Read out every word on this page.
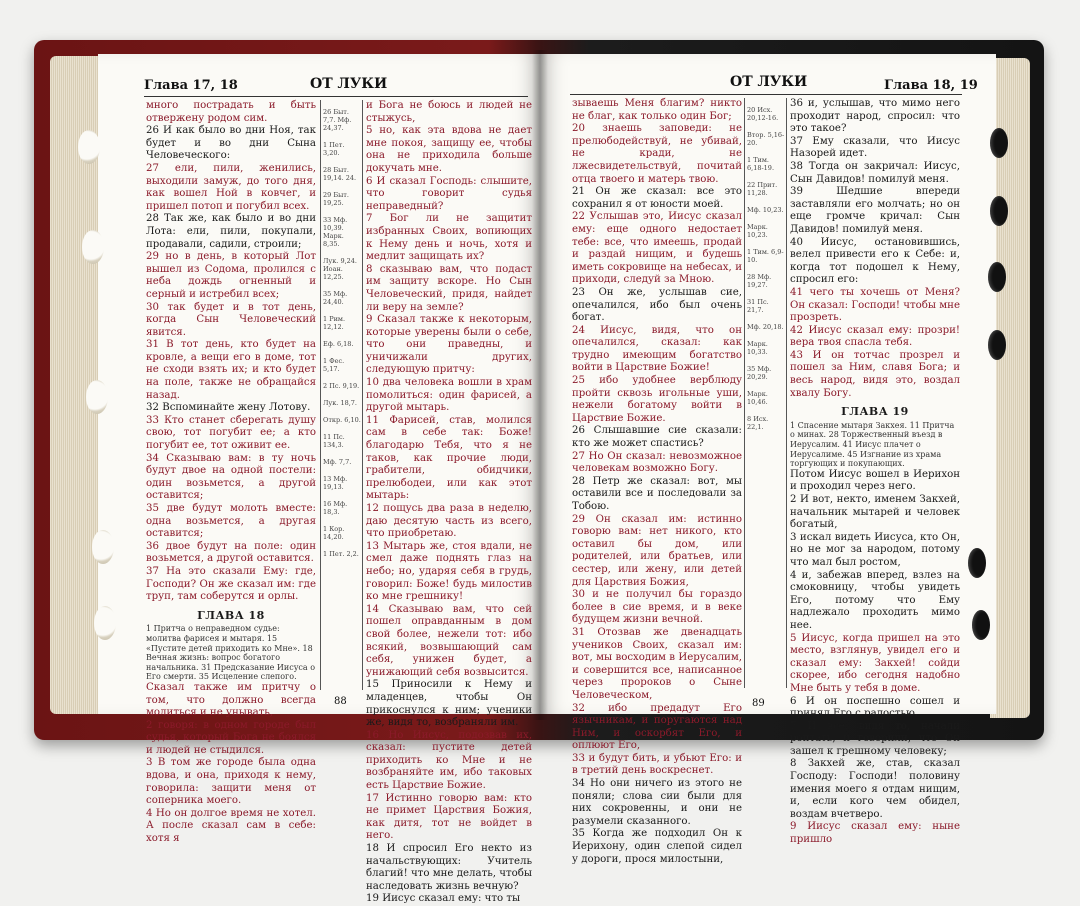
Глава 17, 18	ОТ ЛУКИ

много пострадать и быть отвержену родом сим.

26 И как было во дни Ноя, так будет и во дни Сына Человеческого:

27 ели, пили, женились, выходили замуж, до того дня, как вошел Ной в ковчег, и пришел потоп и погубил всех.

28 Так же, как было и во дни Лота: ели, пили, покупали, продавали, садили, строили;

29 но в день, в который Лот вышел из Содома, пролился с неба дождь огненный и серный и истребил всех;

30 так будет и в тот день, когда Сын Человеческий явится.

31 В тот день, кто будет на кровле, а вещи его в доме, тот не сходи взять их; и кто будет на поле, также не обращайся назад.

32 Вспоминайте жену Лотову.

33 Кто станет сберегать душу свою, тот погубит ее; а кто погубит ее, тот оживит ее.

34 Сказываю вам: в ту ночь будут двое на одной постели: один возьмется, а другой оставится;

35 две будут молоть вместе: одна возьмется, а другая оставится;

36 двое будут на поле: один возьмется, а другой оставится.

37 На это сказали Ему: где, Господи? Он же сказал им: где труп, там соберутся и орлы.

ГЛАВА 18
1 Притча о неправедном судье: молитва фарисея и мытаря. 15 «Пустите детей приходить ко Мне». 18 Вечная жизнь: вопрос богатого начальника. 31 Предсказание Иисуса о Его смерти. 35 Исцеление слепого.

Сказал также им притчу о том, что должно всегда молиться и не унывать,

2 говоря: в одном городе был судья, который Бога не боялся и людей не стыдился.

3 В том же городе была одна вдова, и она, приходя к нему, говорила: защити меня от соперника моего.

4 Но он долгое время не хотел. А после сказал сам в себе: хотя я

26 Быт. 7,7. Мф. 24,37.
1 Пет. 3,20.
28 Быт. 19,14. 24.
29 Быт. 19,25.
33 Мф. 10,39. Марк. 8,35.
Лук. 9,24. Иоан. 12,25.
35 Мф. 24,40.
1 Рим. 12,12.
Еф. 6,18.
1 Фес. 5,17.
2 Пс. 9,19.
Лук. 18,7.
Откр. 6,10.
11 Пс. 134,3.
Мф. 7,7.
13 Мф. 19,13.
16 Мф. 18,3.
1 Кор. 14,20.
1 Пет. 2,2.

и Бога не боюсь и людей не стыжусь,

5 но, как эта вдова не дает мне покоя, защищу ее, чтобы она не приходила больше докучать мне.

6 И сказал Господь: слышите, что говорит судья неправедный?

7 Бог ли не защитит избранных Своих, вопиющих к Нему день и ночь, хотя и медлит защищать их?

8 сказываю вам, что подаст им защиту вскоре. Но Сын Человеческий, придя, найдет ли веру на земле?

9 Сказал также к некоторым, которые уверены были о себе, что они праведны, и уничижали других, следующую притчу:

10 два человека вошли в храм помолиться: один фарисей, а другой мытарь.

11 Фарисей, став, молился сам в себе так: Боже! благодарю Тебя, что я не таков, как прочие люди, грабители, обидчики, прелюбодеи, или как этот мытарь:

12 пощусь два раза в неделю, даю десятую часть из всего, что приобретаю.

13 Мытарь же, стоя вдали, не смел даже поднять глаз на небо; но, ударяя себя в грудь, говорил: Боже! будь милостив ко мне грешнику!

14 Сказываю вам, что сей пошел оправданным в дом свой более, нежели тот: ибо всякий, возвышающий сам себя, унижен будет, а унижающий себя возвысится.

15 Приносили к Нему и младенцев, чтобы Он прикоснулся к ним; ученики же, видя то, возбраняли им.

16 Но Иисус, подозвав их, сказал: пустите детей приходить ко Мне и не возбраняйте им, ибо таковых есть Царствие Божие.

17 Истинно говорю вам: кто не примет Царствия Божия, как дитя, тот не войдет в него.

18 И спросил Его некто из начальствующих: Учитель благий! что мне делать, чтобы наследовать жизнь вечную?

19 Иисус сказал ему: что ты

88
ОТ ЛУКИ	Глава 18, 19

зываешь Меня благим? никто не благ, как только один Бог;

20 знаешь заповеди: не прелюбодействуй, не убивай, не кради, не лжесвидетельствуй, почитай отца твоего и матерь твою.

21 Он же сказал: все это сохранил я от юности моей.

22 Услышав это, Иисус сказал ему: еще одного недостает тебе: все, что имеешь, продай и раздай нищим, и будешь иметь сокровище на небесах, и приходи, следуй за Мною.

23 Он же, услышав сие, опечалился, ибо был очень богат.

24 Иисус, видя, что он опечалился, сказал: как трудно имеющим богатство войти в Царствие Божие!

25 ибо удобнее верблюду пройти сквозь игольные уши, нежели богатому войти в Царствие Божие.

26 Слышавшие сие сказали: кто же может спастись?

27 Но Он сказал: невозможное человекам возможно Богу.

28 Петр же сказал: вот, мы оставили все и последовали за Тобою.

29 Он сказал им: истинно говорю вам: нет никого, кто оставил бы дом, или родителей, или братьев, или сестер, или жену, или детей для Царствия Божия,

30 и не получил бы гораздо более в сие время, и в веке будущем жизни вечной.

31 Отозвав же двенадцать учеников Своих, сказал им: вот, мы восходим в Иерусалим, и совершится все, написанное через пророков о Сыне Человеческом,

32 ибо предадут Его язычникам, и поругаются над Ним, и оскорбят Его, и оплюют Его,

33 и будут бить, и убьют Его: и в третий день воскреснет.

34 Но они ничего из этого не поняли; слова сии были для них сокровенны, и они не разумели сказанного.

35 Когда же подходил Он к Иерихону, один слепой сидел у дороги, прося милостыни,

20 Исх. 20,12-16.
Втор. 5,16-20.
1 Тим. 6,18-19.
22 Прит. 11,28.
Мф. 10,23.
Марк. 10,23.
1 Тим. 6,9-10.
28 Мф. 19,27.
31 Пс. 21,7.
Мф. 20,18.
Марк. 10,33.
35 Мф. 20,29.
Марк. 10,46.
8 Исх. 22,1.

36 и, услышав, что мимо него проходит народ, спросил: что это такое?

37 Ему сказали, что Иисус Назорей идет.

38 Тогда он закричал: Иисус, Сын Давидов! помилуй меня.

39 Шедшие впереди заставляли его молчать; но он еще громче кричал: Сын Давидов! помилуй меня.

40 Иисус, остановившись, велел привести его к Себе: и, когда тот подошел к Нему, спросил его:

41 чего ты хочешь от Меня? Он сказал: Господи! чтобы мне прозреть.

42 Иисус сказал ему: прозри! вера твоя спасла тебя.

43 И он тотчас прозрел и пошел за Ним, славя Бога; и весь народ, видя это, воздал хвалу Богу.

ГЛАВА 19
1 Спасение мытаря Закхея. 11 Притча о минах. 28 Торжественный въезд в Иерусалим. 41 Иисус плачет о Иерусалиме. 45 Изгнание из храма торгующих и покупающих.

Потом Иисус вошел в Иерихон и проходил через него.

2 И вот, некто, именем Закхей, начальник мытарей и человек богатый,

3 искал видеть Иисуса, кто Он, но не мог за народом, потому что мал был ростом,

4 и, забежав вперед, взлез на смоковницу, чтобы увидеть Его, потому что Ему надлежало проходить мимо нее.

5 Иисус, когда пришел на это место, взглянув, увидел его и сказал ему: Закхей! сойди скорее, ибо сегодня надобно Мне быть у тебя в доме.

6 И он поспешно сошел и принял Его с радостью.

7 И все, видя то, начали роптать, и говорили, что Он зашел к грешному человеку;

8 Закхей же, став, сказал Господу: Господи! половину имения моего я отдам нищим, и, если кого чем обидел, воздам вчетверо.

9 Иисус сказал ему: ныне пришло

89
